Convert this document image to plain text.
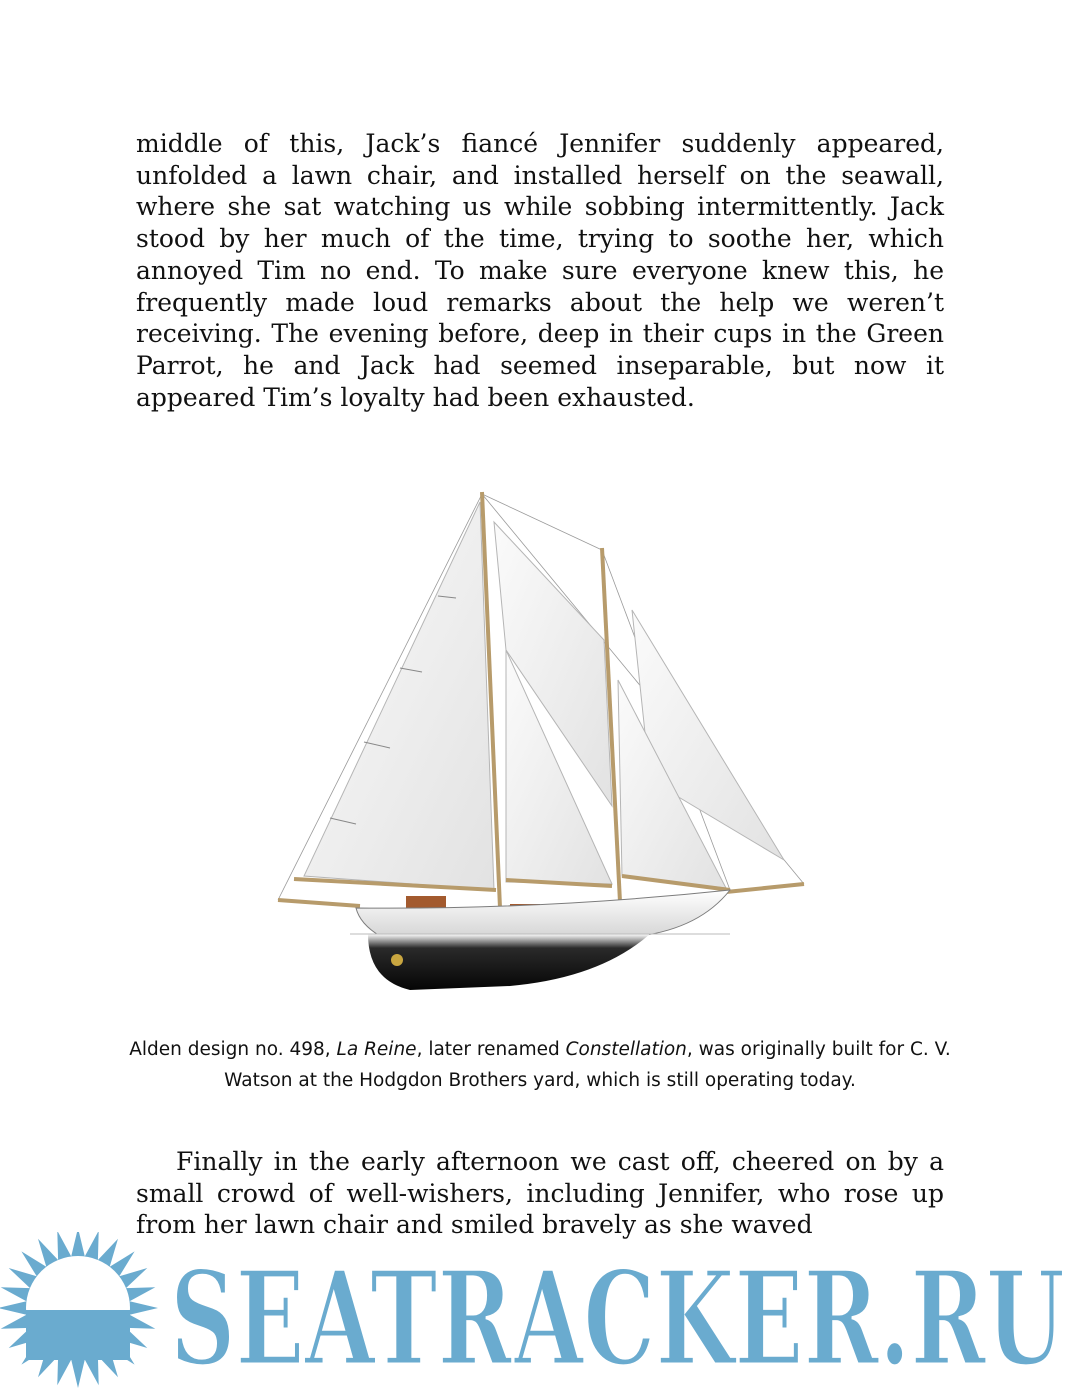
middle of this, Jack’s fiancé Jennifer suddenly appeared, unfolded a lawn chair, and installed herself on the seawall, where she sat watching us while sobbing intermittently. Jack stood by her much of the time, trying to soothe her, which annoyed Tim no end. To make sure everyone knew this, he frequently made loud remarks about the help we weren’t receiving. The evening before, deep in their cups in the Green Parrot, he and Jack had seemed inseparable, but now it appeared Tim’s loyalty had been exhausted.

Alden design no. 498, La Reine, later renamed Constellation, was originally built for C. V. Watson at the Hodgdon Brothers yard, which is still operating today.

Finally in the early afternoon we cast off, cheered on by a small crowd of well-wishers, including Jennifer, who rose up from her lawn chair and smiled bravely as she waved

SEATRACKER.RU
